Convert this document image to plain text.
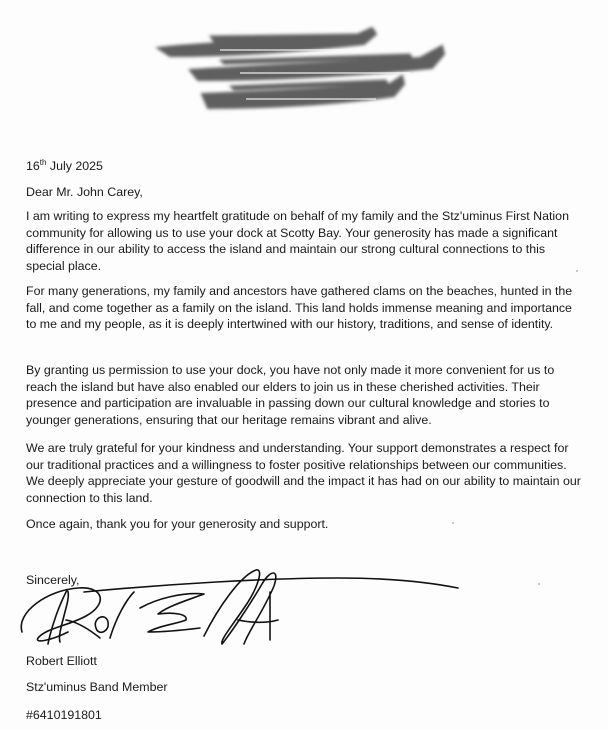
16th July 2025

Dear Mr. John Carey,

I am writing to express my heartfelt gratitude on behalf of my family and the Stz'uminus First Nation community for allowing us to use your dock at Scotty Bay. Your generosity has made a significant difference in our ability to access the island and maintain our strong cultural connections to this special place.

For many generations, my family and ancestors have gathered clams on the beaches, hunted in the fall, and come together as a family on the island. This land holds immense meaning and importance to me and my people, as it is deeply intertwined with our history, traditions, and sense of identity.

By granting us permission to use your dock, you have not only made it more convenient for us to reach the island but have also enabled our elders to join us in these cherished activities. Their presence and participation are invaluable in passing down our cultural knowledge and stories to younger generations, ensuring that our heritage remains vibrant and alive.

We are truly grateful for your kindness and understanding. Your support demonstrates a respect for our traditional practices and a willingness to foster positive relationships between our communities. We deeply appreciate your gesture of goodwill and the impact it has had on our ability to maintain our connection to this land.

Once again, thank you for your generosity and support.

Sincerely,

Robert Elliott

Stz'uminus Band Member

#6410191801
